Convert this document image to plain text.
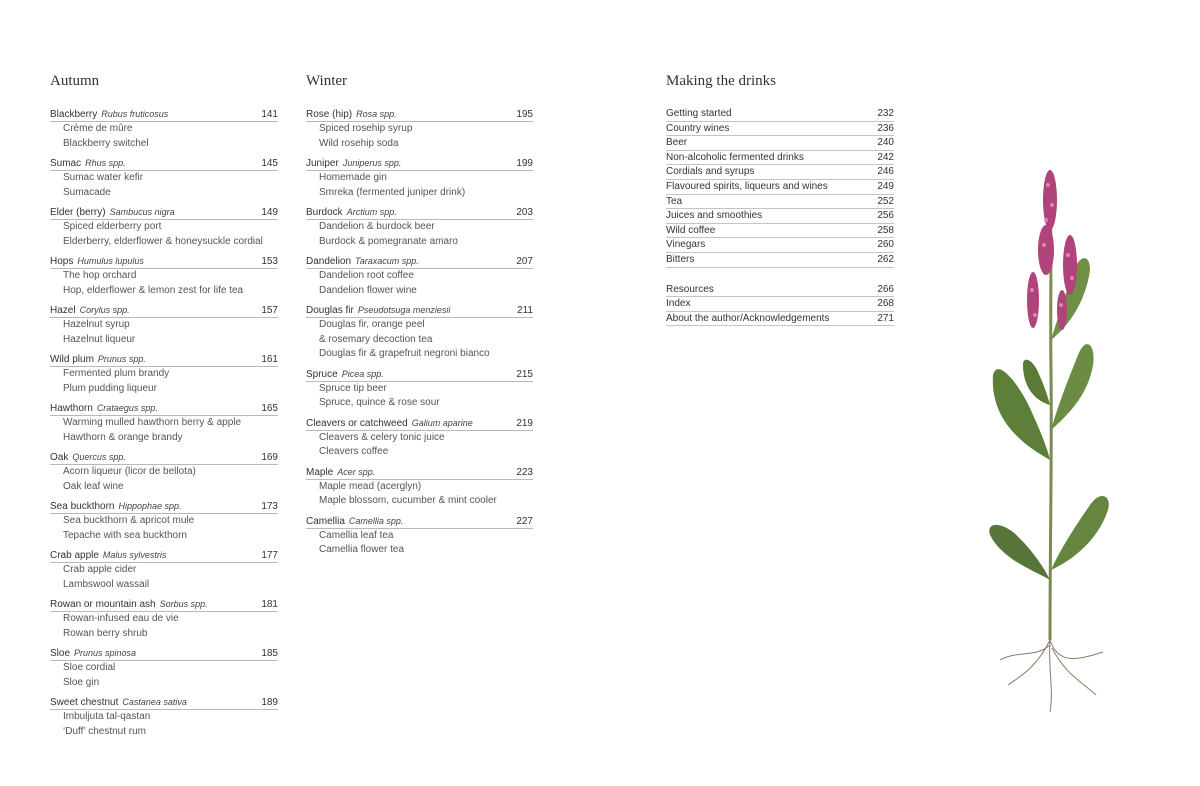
Autumn
Blackberry Rubus fruticosus	141
Crème de mûre
Blackberry switchel
Sumac Rhus spp.	145
Sumac water kefir
Sumacade
Elder (berry) Sambucus nigra	149
Spiced elderberry port
Elderberry, elderflower & honeysuckle cordial
Hops Humulus lupulus	153
The hop orchard
Hop, elderflower & lemon zest for life tea
Hazel Corylus spp.	157
Hazelnut syrup
Hazelnut liqueur
Wild plum Prunus spp.	161
Fermented plum brandy
Plum pudding liqueur
Hawthorn Crataegus spp.	165
Warming mulled hawthorn berry & apple
Hawthorn & orange brandy
Oak Quercus spp.	169
Acorn liqueur (licor de bellota)
Oak leaf wine
Sea buckthorn Hippophae spp.	173
Sea buckthorn & apricot mule
Tepache with sea buckthorn
Crab apple Malus sylvestris	177
Crab apple cider
Lambswool wassail
Rowan or mountain ash Sorbus spp.	181
Rowan-infused eau de vie
Rowan berry shrub
Sloe Prunus spinosa	185
Sloe cordial
Sloe gin
Sweet chestnut Castanea sativa	189
Imbuljuta tal-qastan
‘Duff’ chestnut rum
Winter
Rose (hip) Rosa spp.	195
Spiced rosehip syrup
Wild rosehip soda
Juniper Juniperus spp.	199
Homemade gin
Smreka (fermented juniper drink)
Burdock Arctium spp.	203
Dandelion & burdock beer
Burdock & pomegranate amaro
Dandelion Taraxacum spp.	207
Dandelion root coffee
Dandelion flower wine
Douglas fir Pseudotsuga menziesii	211
Douglas fir, orange peel
& rosemary decoction tea
Douglas fir & grapefruit negroni bianco
Spruce Picea spp.	215
Spruce tip beer
Spruce, quince & rose sour
Cleavers or catchweed Galium aparine	219
Cleavers & celery tonic juice
Cleavers coffee
Maple Acer spp.	223
Maple mead (acerglyn)
Maple blossom, cucumber & mint cooler
Camellia Camellia spp.	227
Camellia leaf tea
Camellia flower tea
Making the drinks
Getting started	232
Country wines	236
Beer	240
Non-alcoholic fermented drinks	242
Cordials and syrups	246
Flavoured spirits, liqueurs and wines	249
Tea	252
Juices and smoothies	256
Wild coffee	258
Vinegars	260
Bitters	262
Resources	266
Index	268
About the author/Acknowledgements	271
